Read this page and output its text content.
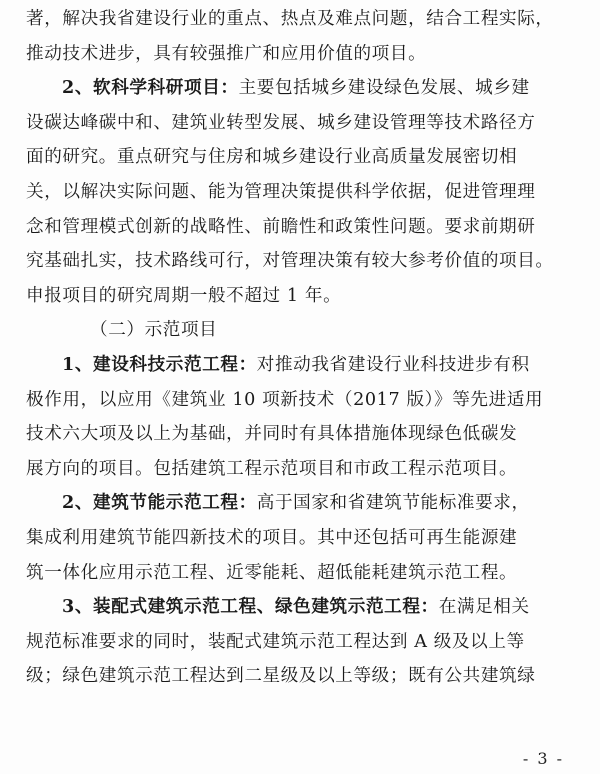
著，解决我省建设行业的重点、热点及难点问题，结合工程实际，
推动技术进步，具有较强推广和应用价值的项目。
2、软科学科研项目：主要包括城乡建设绿色发展、城乡建
设碳达峰碳中和、建筑业转型发展、城乡建设管理等技术路径方
面的研究。重点研究与住房和城乡建设行业高质量发展密切相
关，以解决实际问题、能为管理决策提供科学依据，促进管理理
念和管理模式创新的战略性、前瞻性和政策性问题。要求前期研
究基础扎实，技术路线可行，对管理决策有较大参考价值的项目。
申报项目的研究周期一般不超过 1 年。
（二）示范项目
1、建设科技示范工程：对推动我省建设行业科技进步有积
极作用，以应用《建筑业 10 项新技术（2017 版）》等先进适用
技术六大项及以上为基础，并同时有具体措施体现绿色低碳发
展方向的项目。包括建筑工程示范项目和市政工程示范项目。
2、建筑节能示范工程：高于国家和省建筑节能标准要求，
集成利用建筑节能四新技术的项目。其中还包括可再生能源建
筑一体化应用示范工程、近零能耗、超低能耗建筑示范工程。
3、装配式建筑示范工程、绿色建筑示范工程：在满足相关
规范标准要求的同时，装配式建筑示范工程达到 A 级及以上等
级；绿色建筑示范工程达到二星级及以上等级；既有公共建筑绿
- 3 -
